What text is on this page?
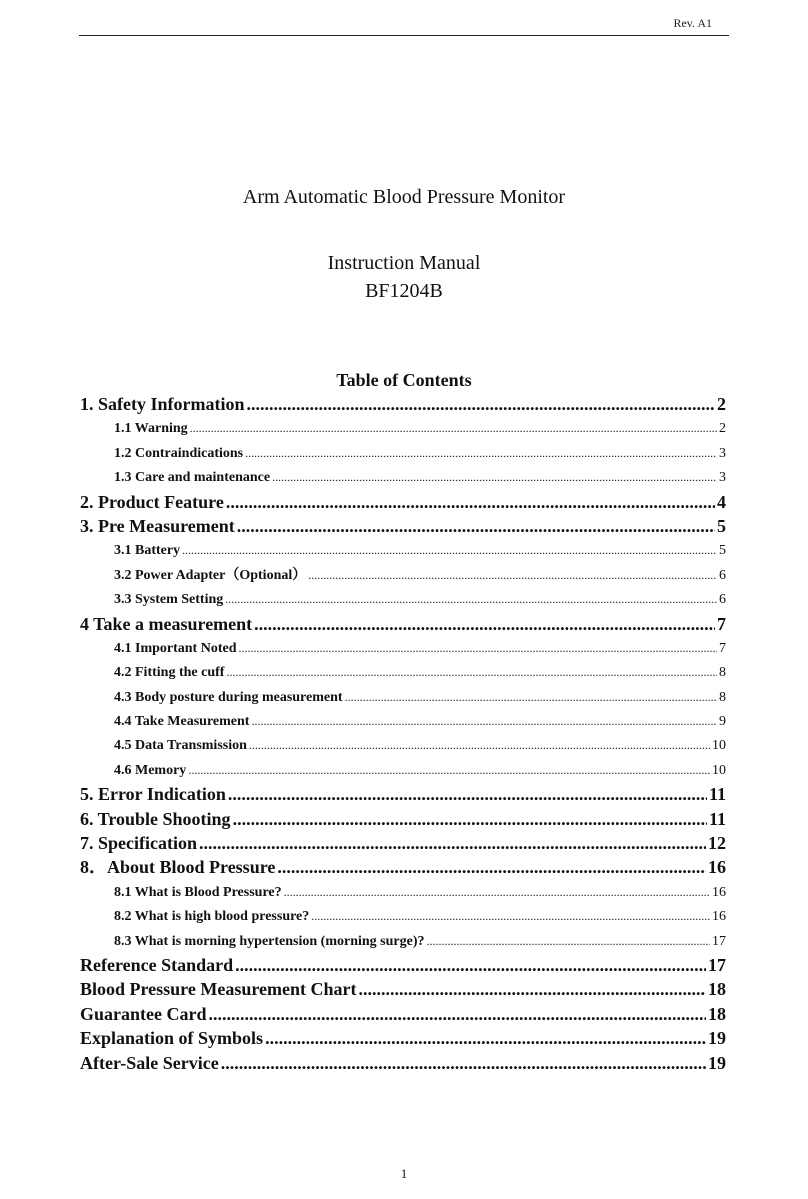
Rev. A1
Arm Automatic Blood Pressure Monitor
Instruction Manual
BF1204B
Table of Contents
1. Safety Information .....	2
1.1 Warning .....	2
1.2 Contraindications .....	3
1.3 Care and maintenance .....	3
2. Product Feature .....	4
3. Pre Measurement .....	5
3.1 Battery .....	5
3.2 Power Adapter（Optional） .....	6
3.3 System Setting .....	6
4 Take a measurement .....	7
4.1 Important Noted .....	7
4.2 Fitting the cuff .....	8
4.3 Body posture during measurement .....	8
4.4 Take Measurement .....	9
4.5 Data Transmission .....	10
4.6 Memory .....	10
5. Error Indication .....	11
6. Trouble Shooting .....	11
7. Specification .....	12
8．About Blood Pressure .....	16
8.1 What is Blood Pressure? .....	16
8.2 What is high blood pressure? .....	16
8.3 What is morning hypertension (morning surge)? .....	17
Reference Standard .....	17
Blood Pressure Measurement Chart .....	18
Guarantee Card .....	18
Explanation of Symbols .....	19
After-Sale Service .....	19
1
